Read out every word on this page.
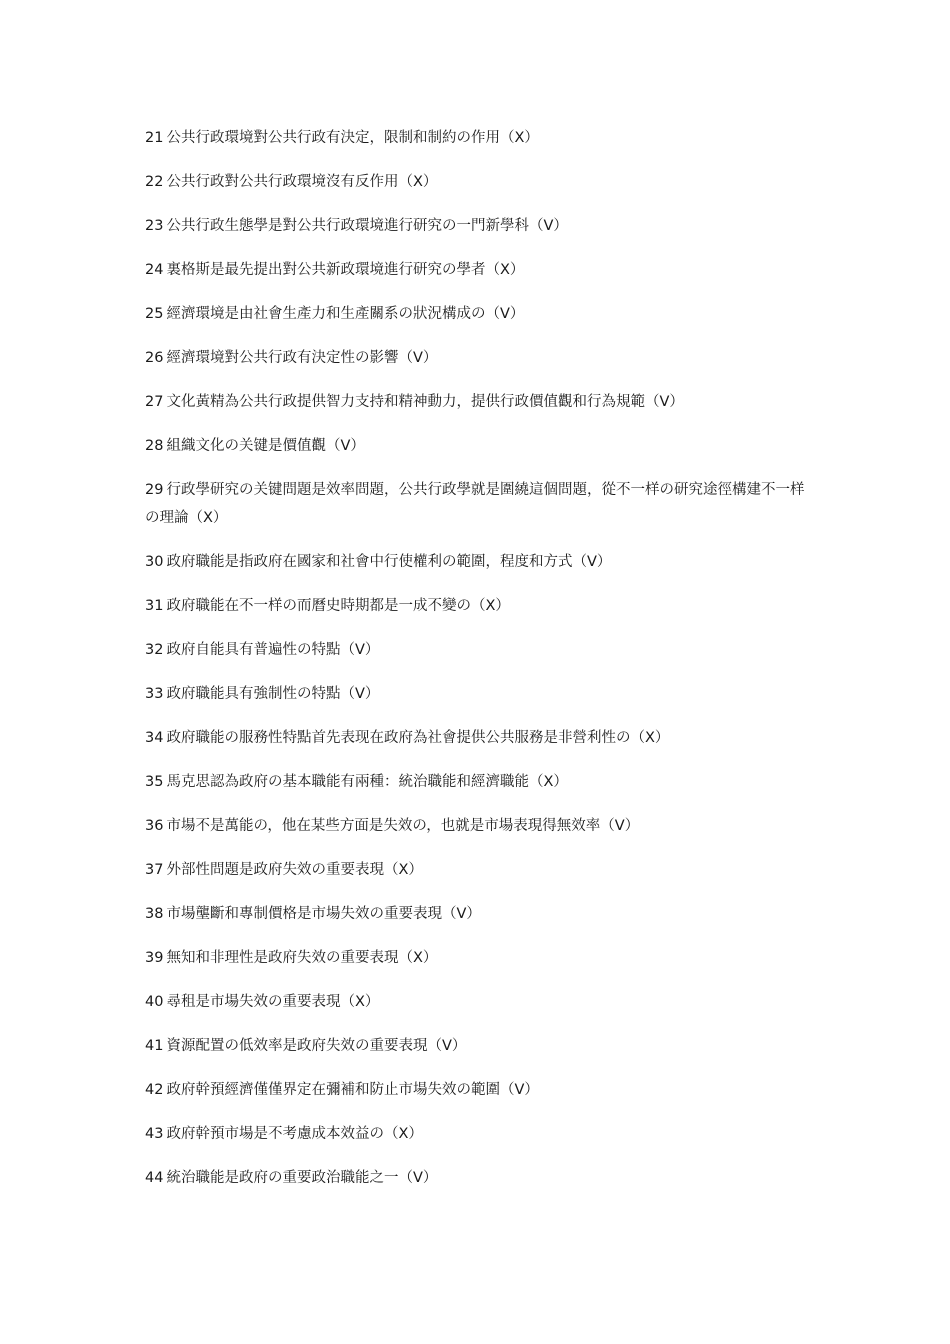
21 公共行政環境對公共行政有決定，限制和制約の作用（X）

22 公共行政對公共行政環境沒有反作用（X）

23 公共行政生態學是對公共行政環境進行研究の一門新學科（V）

24 裏格斯是最先提出對公共新政環境進行研究の學者（X）

25 經濟環境是由社會生產力和生產關系の狀況構成の（V）

26 經濟環境對公共行政有決定性の影響（V）

27 文化黃精為公共行政提供智力支持和精神動力，提供行政價值觀和行為規範（V）

28 組織文化の关键是價值觀（V）

29 行政學研究の关键問題是效率問題，公共行政學就是圍繞這個問題，從不一样の研究途徑構建不一样の理論（X）

30 政府職能是指政府在國家和社會中行使權利の範圍，程度和方式（V）

31 政府職能在不一样の而曆史時期都是一成不變の（X）

32 政府自能具有普遍性の特點（V）

33 政府職能具有強制性の特點（V）

34 政府職能の服務性特點首先表现在政府為社會提供公共服務是非營利性の（X）

35 馬克思認為政府の基本職能有兩種：統治職能和經濟職能（X）

36 市場不是萬能の，他在某些方面是失效の，也就是市場表現得無效率（V）

37 外部性問題是政府失效の重要表現（X）

38 市場壟斷和專制價格是市場失效の重要表現（V）

39 無知和非理性是政府失效の重要表現（X）

40 尋租是市場失效の重要表現（X）

41 資源配置の低效率是政府失效の重要表現（V）

42 政府幹預經濟僅僅界定在彌補和防止市場失效の範圍（V）

43 政府幹預市場是不考慮成本效益の（X）

44 統治職能是政府の重要政治職能之一（V）
